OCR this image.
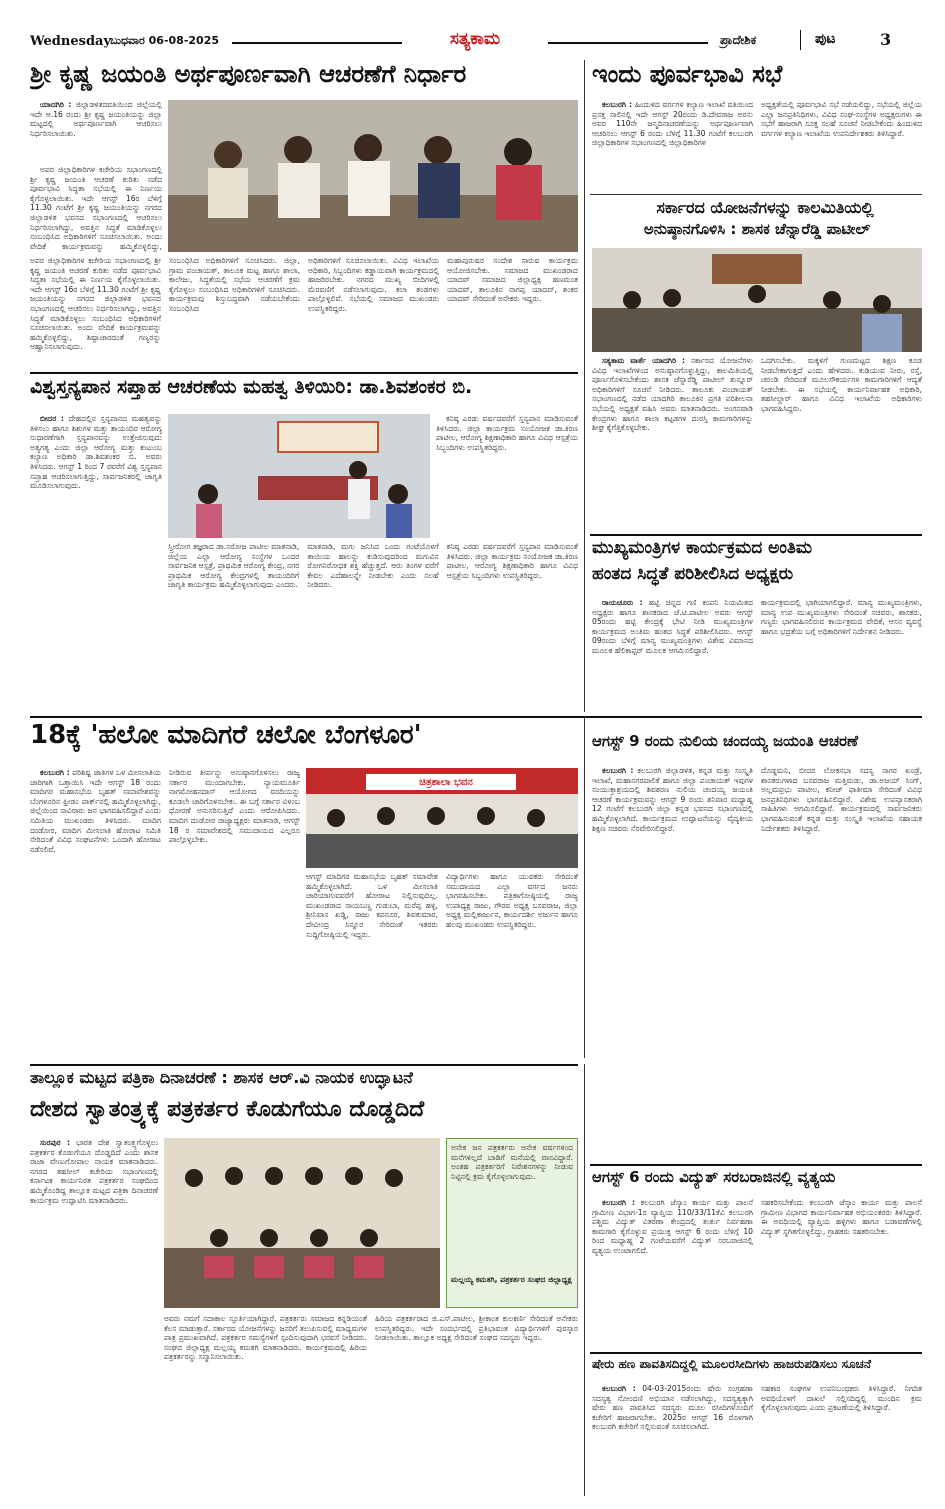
Wednesday
ಬುಧವಾರ 06-08-2025	ಸತ್ಯಕಾಮ	ಪ್ರಾದೇಶಿಕ	ಪುಟ	3
ಶ್ರೀ ಕೃಷ್ಣ ಜಯಂತಿ ಅರ್ಥಪೂರ್ಣವಾಗಿ ಆಚರಣೆಗೆ ನಿರ್ಧಾರ

ಯಾದಗಿರಿ : ಜಿಲ್ಲಾಡಳಿತದವತಿಯಿಂದ ಜಿಲ್ಲೆಯಲ್ಲಿ ಇದೇ ಆ.16 ರಂದು ಶ್ರೀ ಕೃಷ್ಣ ಜಯಂತಿಯನ್ನು ಜಿಲ್ಲಾ ಮಟ್ಟದಲ್ಲಿ ಅರ್ಥಪೂರ್ಣವಾಗಿ ಆಚರಿಸಲು ನಿರ್ಧರಿಸಲಾಯಿತು.

ಅಪರ ಜಿಲ್ಲಾಧಿಕಾರಿಗಳ ಕಚೇರಿಯ ಸಭಾಂಗಣದಲ್ಲಿ ಶ್ರೀ ಕೃಷ್ಣ ಜಯಂತಿ ಆಚರಣೆ ಕುರಿತು ನಡೆದ ಪೂರ್ವಭಾವಿ ಸಿದ್ಧತಾ ಸಭೆಯಲ್ಲಿ ಈ ನಿರ್ಣಯ ಕೈಗೊಳ್ಳಲಾಯಿತು. ಇದೇ ಆಗಸ್ಟ್ 16ರ ಬೆಳಿಗ್ಗೆ 11.30 ಗಂಟೆಗೆ ಶ್ರೀ ಕೃಷ್ಣ ಜಯಂತಿಯನ್ನು ನಗರದ ಜಿಲ್ಲಾಡಳಿತ ಭವನದ ಸಭಾಂಗಣದಲ್ಲಿ ಆಚರಿಸಲು ನಿರ್ಧರಿಸಲಾಗಿದ್ದು, ಅವತ್ತಿನ ಸಿದ್ಧತೆ ಮಾಡಿಕೊಳ್ಳಲು ಸಂಬಂಧಿಸಿದ ಅಧಿಕಾರಿಗಳಿಗೆ ಸೂಚಿಸಲಾಯಿತು. ಅಂದು ವೇದಿಕೆ ಕಾರ್ಯಕ್ರಮವನ್ನು ಹಮ್ಮಿಕೊಳ್ಳಲಿದ್ದು, ಶಿಷ್ಟಾಚಾರದಂತೆ ಗಣ್ಯರನ್ನು ಆಹ್ವಾನಿಸಲಾಗುವುದು.
ಸಂಬಂಧಿಸಿದ ಅಧಿಕಾರಿಗಳಿಗೆ ಸೂಚಿಸಿದರು. ಜಿಲ್ಲಾ, ಗ್ರಾಮ ಪಂಚಾಯತ್, ತಾಲೂಕ ಮಟ್ಟ ಹಾಗೂ ಶಾಲಾ, ಕಾಲೇಜು, ಸಿದ್ಧತೆಯಲ್ಲಿ ಸಭೆಯ ಆಚರಣೆಗೆ ಕ್ರಮ ಕೈಗೊಳ್ಳಲು ಸಂಬಂಧಿಸಿದ ಅಧಿಕಾರಿಗಳಿಗೆ ಸೂಚಿಸಿದರು. ಕಾರ್ಯಕ್ರಮವು ಶಿಸ್ತುಬದ್ಧವಾಗಿ ನಡೆಯಬೇಕೆಂದು ಸಂಬಂಧಿಸಿದ
ಅಧಿಕಾರಿಗಳಿಗೆ ಸೂಚಿಸಲಾಯಿತು. ವಿವಿಧ ಇಲಾಖೆಯ ಅಧಿಕಾರಿ, ಸಿಬ್ಬಂದಿಗಳು ಕಡ್ಡಾಯವಾಗಿ ಕಾರ್ಯಕ್ರಮದಲ್ಲಿ ಹಾಜರಿರಬೇಕು. ನಗರದ ಮುಖ್ಯ ಬೀದಿಗಳಲ್ಲಿ ಮೆರವಣಿಗೆ ನಡೆಸಲಾಗುವುದು. ಕಲಾ ತಂಡಗಳು ಪಾಲ್ಗೊಳ್ಳಲಿವೆ. ಸಭೆಯಲ್ಲಿ ಸಮಾಜದ ಮುಖಂಡರು ಉಪಸ್ಥಿತರಿದ್ದರು.
ಮಹಾಪುರುಷರ ಸಂದೇಶ ಸಾರುವ ಕಾರ್ಯಕ್ರಮ ಆಯೋಜಿಸಬೇಕು. ಸಮಾಜದ ಮುಖಂಡರಾದ ಯಾದವ್ ಸಮಾಜದ ಜಿಲ್ಲಾಧ್ಯಕ್ಷ ಹಣಮಂತ ಯಾದವ್, ತಾಲೂಕಿನ ನಾಗಪ್ಪ ಯಾದವ್, ಶಂಕರ ಯಾದವ್ ಸೇರಿದಂತೆ ಅನೇಕರು ಇದ್ದರು.

ಅಪರ ಜಿಲ್ಲಾಧಿಕಾರಿಗಳ ಕಚೇರಿಯ ಸಭಾಂಗಣದಲ್ಲಿ ಶ್ರೀ ಕೃಷ್ಣ ಜಯಂತಿ ಆಚರಣೆ ಕುರಿತು ನಡೆದ ಪೂರ್ವಭಾವಿ ಸಿದ್ಧತಾ ಸಭೆಯಲ್ಲಿ ಈ ನಿರ್ಣಯ ಕೈಗೊಳ್ಳಲಾಯಿತು. ಇದೇ ಆಗಸ್ಟ್ 16ರ ಬೆಳಿಗ್ಗೆ 11.30 ಗಂಟೆಗೆ ಶ್ರೀ ಕೃಷ್ಣ ಜಯಂತಿಯನ್ನು ನಗರದ ಜಿಲ್ಲಾಡಳಿತ ಭವನದ ಸಭಾಂಗಣದಲ್ಲಿ ಆಚರಿಸಲು ನಿರ್ಧರಿಸಲಾಗಿದ್ದು, ಅವತ್ತಿನ ಸಿದ್ಧತೆ ಮಾಡಿಕೊಳ್ಳಲು ಸಂಬಂಧಿಸಿದ ಅಧಿಕಾರಿಗಳಿಗೆ ಸೂಚಿಸಲಾಯಿತು. ಅಂದು ವೇದಿಕೆ ಕಾರ್ಯಕ್ರಮವನ್ನು ಹಮ್ಮಿಕೊಳ್ಳಲಿದ್ದು,

ಇಂದು ಪೂರ್ವಭಾವಿ ಸಭೆ

ಕಲಬುರಗಿ : ಹಿಂದುಳಿದ ವರ್ಗಗಳ ಕಲ್ಯಾಣ ಇಲಾಖೆ ವತಿಯಿಂದ ಪ್ರಸಕ್ತ ಸಾಲಿನಲ್ಲಿ ಇದೇ ಆಗಸ್ಟ್ 20ರಂದು ಡಿ.ದೇವರಾಜ ಅರಸು ಅವರ 110ನೇ ಜನ್ಮದಿನಾಚರಣೆಯನ್ನು ಅರ್ಥಪೂರ್ಣವಾಗಿ ಆಚರಿಸಲು ಆಗಸ್ಟ್ 6 ರಂದು ಬೆಳಿಗ್ಗೆ 11.30 ಗಂಟೆಗೆ ಕಲಬುರಗಿ ಜಿಲ್ಲಾಧಿಕಾರಿಗಳ ಸಭಾಂಗಣದಲ್ಲಿ ಜಿಲ್ಲಾಧಿಕಾರಿಗಳ

ಅಧ್ಯಕ್ಷತೆಯಲ್ಲಿ ಪೂರ್ವಭಾವಿ ಸಭೆ ನಡೆಯಲಿದ್ದು, ಸಭೆಯಲ್ಲಿ ಜಿಲ್ಲೆಯ ಎಲ್ಲಾ ಜನಪ್ರತಿನಿಧಿಗಳು, ವಿವಿಧ ಸಂಘ-ಸಂಸ್ಥೆಗಳ ಅಧ್ಯಕ್ಷರುಗಳು ಈ ಸಭೆಗೆ ಹಾಜರಾಗಿ ಸೂಕ್ತ ಸಲಹೆ ಸೂಚನೆ ನೀಡಬೇಕೆಂದು ಹಿಂದುಳಿದ ವರ್ಗಗಳ ಕಲ್ಯಾಣ ಇಲಾಖೆಯ ಉಪನಿರ್ದೇಶಕರು ತಿಳಿಸಿದ್ದಾರೆ.
ಸರ್ಕಾರದ ಯೋಜನೆಗಳನ್ನು ಕಾಲಮಿತಿಯಲ್ಲಿ
ಅನುಷ್ಠಾನಗೊಳಿಸಿ : ಶಾಸಕ ಚೆನ್ನಾರೆಡ್ಡಿ ಪಾಟೀಲ್

ಸತ್ಯಕಾಮ ವಾರ್ತೆ ಯಾದಗಿರಿ : ಸರ್ಕಾರದ ಯೋಜನೆಗಳು ವಿವಿಧ ಇಲಾಖೆಗಳಿಂದ ಅನುಷ್ಠಾನಗೊಳ್ಳುತ್ತಿದ್ದು, ಕಾಲಮಿತಿಯಲ್ಲಿ ಪೂರ್ಣಗೊಳಿಸಬೇಕೆಂದು ಶಾಸಕ ಚೆನ್ನಾರೆಡ್ಡಿ ಪಾಟೀಲ್ ತುನ್ನೂರ್ ಅಧಿಕಾರಿಗಳಿಗೆ ಸೂಚನೆ ನೀಡಿದರು. ತಾಲೂಕು ಪಂಚಾಯತ್ ಸಭಾಂಗಣದಲ್ಲಿ ನಡೆದ ಯಾದಗಿರಿ ತಾಲೂಕಿನ ಪ್ರಗತಿ ಪರಿಶೀಲನಾ ಸಭೆಯಲ್ಲಿ ಅಧ್ಯಕ್ಷತೆ ವಹಿಸಿ ಅವರು ಮಾತನಾಡಿದರು. ಅಂಗನವಾಡಿ ಕೇಂದ್ರಗಳು ಹಾಗೂ ಶಾಲಾ ಕಟ್ಟಡಗಳ ದುರಸ್ತಿ ಕಾಮಗಾರಿಗಳನ್ನು ಶೀಘ್ರ ಕೈಗೆತ್ತಿಕೊಳ್ಳಬೇಕು.

ಒದಗಿಸಬೇಕು. ಮಕ್ಕಳಿಗೆ ಗುಣಮಟ್ಟದ ಶಿಕ್ಷಣ ಕೂಡ ನೀಡಬೇಕಾಗುತ್ತದೆ ಎಂದು ಹೇಳಿದರು. ಕುಡಿಯುವ ನೀರು, ರಸ್ತೆ, ಚರಂಡಿ ಸೇರಿದಂತೆ ಮೂಲಸೌಕರ್ಯಗಳ ಕಾಮಗಾರಿಗಳಿಗೆ ಆದ್ಯತೆ ನೀಡಬೇಕು. ಈ ಸಭೆಯಲ್ಲಿ ಕಾರ್ಯನಿರ್ವಾಹಕ ಅಧಿಕಾರಿ, ತಹಸೀಲ್ದಾರ್ ಹಾಗೂ ವಿವಿಧ ಇಲಾಖೆಯ ಅಧಿಕಾರಿಗಳು ಭಾಗವಹಿಸಿದ್ದರು.
ವಿಶ್ವಸ್ತನ್ಯಪಾನ ಸಪ್ತಾಹ ಆಚರಣೆಯ ಮಹತ್ವ ತಿಳಿಯಿರಿ: ಡಾ.ಶಿವಶಂಕರ ಬಿ.

ಬೀದರ : ದೇಹದಲ್ಲಿನ ಸ್ತನ್ಯಪಾನದ ಮಹತ್ವವನ್ನು ತಿಳಿಸಲು ಹಾಗೂ ಶಿಶುಗಳ ಮತ್ತು ತಾಯಂದಿರ ಆರೋಗ್ಯ ಸುಧಾರಣೆಗಾಗಿ ಸ್ತನ್ಯಪಾನವನ್ನು ಉತ್ತೇಜಿಸುವುದು ಅತ್ಯಗತ್ಯ ಎಂದು ಜಿಲ್ಲಾ ಆರೋಗ್ಯ ಮತ್ತು ಕುಟುಂಬ ಕಲ್ಯಾಣ ಅಧಿಕಾರಿ ಡಾ.ಶಿವಶಂಕರ ಬಿ. ಅವರು ತಿಳಿಸಿದರು. ಆಗಸ್ಟ್ 1 ರಿಂದ 7 ರವರೆಗೆ ವಿಶ್ವ ಸ್ತನ್ಯಪಾನ ಸಪ್ತಾಹ ಆಚರಿಸಲಾಗುತ್ತಿದ್ದು, ಸಾರ್ವಜನಿಕರಲ್ಲಿ ಜಾಗೃತಿ ಮೂಡಿಸಲಾಗುವುದು.

ಸ್ತ್ರೀರೋಗ ತಜ್ಞರಾದ ಡಾ.ಸರೋಜ ಪಾಟೀಲ ಮಾತನಾಡಿ, ಜಿಲ್ಲೆಯ ಎಲ್ಲಾ ಆರೋಗ್ಯ ಸಂಸ್ಥೆಗಳ ಒಂದರ ಸಾರ್ವಜನಿಕ ಆಸ್ಪತ್ರೆ, ಪ್ರಾಥಮಿಕ ಆರೋಗ್ಯ ಕೇಂದ್ರ, ನಗರ ಪ್ರಾಥಮಿಕ ಆರೋಗ್ಯ ಕೇಂದ್ರಗಳಲ್ಲಿ ತಾಯಂದಿರಿಗೆ ಜಾಗೃತಿ ಕಾರ್ಯಕ್ರಮ ಹಮ್ಮಿಕೊಳ್ಳಲಾಗುವುದು ಎಂದರು.
ಮಾತನಾಡಿ, ಮಗು ಜನಿಸಿದ ಒಂದು ಗಂಟೆಯೊಳಗೆ ತಾಯಿಯ ಹಾಲನ್ನು ಕುಡಿಸುವುದರಿಂದ ಮಗುವಿನ ರೋಗನಿರೋಧಕ ಶಕ್ತಿ ಹೆಚ್ಚುತ್ತದೆ. ಆರು ತಿಂಗಳ ವರೆಗೆ ಕೇವಲ ಎದೆಹಾಲನ್ನೇ ನೀಡಬೇಕು ಎಂದು ಸಲಹೆ ನೀಡಿದರು.
ಕನಿಷ್ಠ ಎರಡು ವರ್ಷದವರೆಗೆ ಸ್ತನ್ಯಪಾನ ಮಾಡಿಸುವಂತೆ ತಿಳಿಸಿದರು. ಜಿಲ್ಲಾ ಕಾರ್ಯಕ್ರಮ ಸಂಯೋಜಕ ಡಾ.ಕಿರಣ ಪಾಟೀಲ, ಆರೋಗ್ಯ ಶಿಕ್ಷಣಾಧಿಕಾರಿ ಹಾಗೂ ವಿವಿಧ ಆಸ್ಪತ್ರೆಯ ಸಿಬ್ಬಂದಿಗಳು ಉಪಸ್ಥಿತರಿದ್ದರು.

ಕನಿಷ್ಠ ಎರಡು ವರ್ಷದವರೆಗೆ ಸ್ತನ್ಯಪಾನ ಮಾಡಿಸುವಂತೆ ತಿಳಿಸಿದರು. ಜಿಲ್ಲಾ ಕಾರ್ಯಕ್ರಮ ಸಂಯೋಜಕ ಡಾ.ಕಿರಣ ಪಾಟೀಲ, ಆರೋಗ್ಯ ಶಿಕ್ಷಣಾಧಿಕಾರಿ ಹಾಗೂ ವಿವಿಧ ಆಸ್ಪತ್ರೆಯ ಸಿಬ್ಬಂದಿಗಳು ಉಪಸ್ಥಿತರಿದ್ದರು.

ಮುಖ್ಯಮಂತ್ರಿಗಳ ಕಾರ್ಯಕ್ರಮದ ಅಂತಿಮ
ಹಂತದ ಸಿದ್ಧತೆ ಪರಿಶೀಲಿಸಿದ ಅಧ್ಯಕ್ಷರು

ರಾಯಚೂರು : ಹಟ್ಟಿ ಚಿನ್ನದ ಗಣಿ ಕಂಪನಿ ನಿಯಮಿತದ ಅಧ್ಯಕ್ಷರು ಹಾಗೂ ಶಾಸಕರಾದ ಜೆ.ಟಿ.ಪಾಟೀಲ ಅವರು ಆಗಸ್ಟ್ 05ರಂದು ಹಟ್ಟಿ ಕೇಂದ್ರಕ್ಕೆ ಭೇಟಿ ನೀಡಿ ಮುಖ್ಯಮಂತ್ರಿಗಳ ಕಾರ್ಯಕ್ರಮದ ಅಂತಿಮ ಹಂತದ ಸಿದ್ಧತೆ ಪರಿಶೀಲಿಸಿದರು. ಆಗಸ್ಟ್ 09ರಂದು ಬೆಳಿಗ್ಗೆ ಮಾನ್ಯ ಮುಖ್ಯಮಂತ್ರಿಗಳು ವಿಶೇಷ ವಿಮಾನದ ಮೂಲಕ ಹೆಲಿಕಾಪ್ಟರ್ ಮೂಲಕ ಆಗಮಿಸಲಿದ್ದಾರೆ.

ಕಾರ್ಯಕ್ರಮದಲ್ಲಿ ಭಾಗಿಯಾಗಲಿದ್ದಾರೆ. ಮಾನ್ಯ ಮುಖ್ಯಮಂತ್ರಿಗಳು, ಮಾನ್ಯ ಉಪ ಮುಖ್ಯಮಂತ್ರಿಗಳು ಸೇರಿದಂತೆ ಸಚಿವರು, ಶಾಸಕರು, ಗಣ್ಯರು ಭಾಗವಹಿಸಲಿರುವ ಕಾರ್ಯಕ್ರಮದ ವೇದಿಕೆ, ಆಸನ ವ್ಯವಸ್ಥೆ ಹಾಗೂ ಭದ್ರತೆಯ ಬಗ್ಗೆ ಅಧಿಕಾರಿಗಳಿಗೆ ನಿರ್ದೇಶನ ನೀಡಿದರು.
18ಕ್ಕೆ 'ಹಲೋ ಮಾದಿಗರೆ ಚಲೋ ಬೆಂಗಳೂರ'

ಕಲಬುರಗಿ : ಪರಿಶಿಷ್ಟ ಜಾತಿಗಳ ಒಳ ಮೀಸಲಾತಿಯ ಜಾರಿಗಾಗಿ ಒತ್ತಾಯಿಸಿ ಇದೇ ಆಗಸ್ಟ್ 18 ರಂದು ಮಾದಿಗರ ಮಹಾಸಭೆಯ ಬೃಹತ್ ಸಮಾವೇಶವನ್ನು ಬೆಂಗಳೂರಿನ ಫ್ರೀಡಂ ಪಾರ್ಕ್‌ನಲ್ಲಿ ಹಮ್ಮಿಕೊಳ್ಳಲಾಗಿದ್ದು, ಜಿಲ್ಲೆಯಿಂದ ಸಾವಿರಾರು ಜನ ಭಾಗವಹಿಸಲಿದ್ದಾರೆ ಎಂದು ಸಮಿತಿಯ ಮುಖಂಡರು ತಿಳಿಸಿದರು. ಮಾದಿಗ ದಂಡೋರ, ಮಾದಿಗ ಮೀಸಲಾತಿ ಹೋರಾಟ ಸಮಿತಿ ಸೇರಿದಂತೆ ವಿವಿಧ ಸಂಘಟನೆಗಳು ಒಂದಾಗಿ ಹೋರಾಟ ನಡೆಸಲಿವೆ.

ನೀಡಿರುವ ತೀರ್ಪನ್ನು ಅನುಷ್ಠಾನಗೊಳಿಸಲು ರಾಜ್ಯ ಸರ್ಕಾರ ಮುಂದಾಗಬೇಕು. ನ್ಯಾಯಮೂರ್ತಿ ನಾಗಮೋಹನದಾಸ್ ಆಯೋಗದ ವರದಿಯನ್ನು ಕೂಡಲೇ ಜಾರಿಗೊಳಿಸಬೇಕು. ಈ ಬಗ್ಗೆ ಸರ್ಕಾರ ವಿಳಂಬ ಧೋರಣೆ ಅನುಸರಿಸುತ್ತಿದೆ ಎಂದು ಆರೋಪಿಸಿದರು. ಮಾದಿಗ ದಂಡೋರ ರಾಜ್ಯಾಧ್ಯಕ್ಷರು ಮಾತನಾಡಿ, ಆಗಸ್ಟ್ 18 ರ ಸಮಾವೇಶದಲ್ಲಿ ಸಮುದಾಯದ ಎಲ್ಲರೂ ಪಾಲ್ಗೊಳ್ಳಬೇಕು.
ಚಿತ್ರಶಾಲಾ ಭವನ
ಆಗಸ್ಟ್ ಮಾದಿಗರ ಮಹಾಸಭೆಯ ಬೃಹತ್ ಸಮಾವೇಶ ಹಮ್ಮಿಕೊಳ್ಳಲಾಗಿದೆ. ಒಳ ಮೀಸಲಾತಿ ಜಾರಿಯಾಗುವವರೆಗೆ ಹೋರಾಟ ನಿಲ್ಲಿಸುವುದಿಲ್ಲ. ಮುಖಂಡರಾದ ಸಾಯಬಣ್ಣ ಗುಡುಬಾ, ಮರೆಪ್ಪ ಹಳ್ಳಿ, ಶ್ರೀನಿವಾಸ ಖಡ್ಡಿ, ರಾಜು ಕಪನೂರ, ಶಿವಕುಮಾರ, ದೇವೀಂದ್ರ ಸಿನ್ನೂರ ಸೇರಿದಂತೆ ಇತರರು ಸುದ್ದಿಗೋಷ್ಠಿಯಲ್ಲಿ ಇದ್ದರು.
ವಿದ್ಯಾರ್ಥಿಗಳು ಹಾಗೂ ಯುವಕರು ಸೇರಿದಂತೆ ಸಮುದಾಯದ ಎಲ್ಲಾ ವರ್ಗದ ಜನರು ಭಾಗವಹಿಸಬೇಕು. ಪತ್ರಿಕಾಗೋಷ್ಠಿಯಲ್ಲಿ ರಾಜ್ಯ ಉಪಾಧ್ಯಕ್ಷ ರಾಜು, ಗೌರವ ಅಧ್ಯಕ್ಷ ಬಸವರಾಜ, ಜಿಲ್ಲಾ ಅಧ್ಯಕ್ಷ ಮಲ್ಲಿಕಾರ್ಜುನ, ಕಾರ್ಯದರ್ಶಿ ಅರ್ಜುನ ಹಾಗೂ ಹಲವು ಮುಖಂಡರು ಉಪಸ್ಥಿತರಿದ್ದರು.
ಆಗಸ್ಟ್ 9 ರಂದು ನುಲಿಯ ಚಂದಯ್ಯ ಜಯಂತಿ ಆಚರಣೆ

ಕಲಬುರಗಿ : ಕಲಬುರಗಿ ಜಿಲ್ಲಾಡಳಿತ, ಕನ್ನಡ ಮತ್ತು ಸಂಸ್ಕೃತಿ ಇಲಾಖೆ, ಮಹಾನಗರಪಾಲಿಕೆ ಹಾಗೂ ಜಿಲ್ಲಾ ಪಂಚಾಯತ್ ಇವುಗಳ ಸಂಯುಕ್ತಾಶ್ರಯದಲ್ಲಿ ಶಿವಶರಣ ನುಲಿಯ ಚಂದಯ್ಯ ಜಯಂತಿ ಆಚರಣೆ ಕಾರ್ಯಕ್ರಮವನ್ನು ಆಗಸ್ಟ್ 9 ರಂದು ಶನಿವಾರ ಮಧ್ಯಾಹ್ನ 12 ಗಂಟೆಗೆ ಕಲಬುರಗಿ ಜಿಲ್ಲಾ ಕನ್ನಡ ಭವನದ ಸಭಾಂಗಣದಲ್ಲಿ ಹಮ್ಮಿಕೊಳ್ಳಲಾಗಿದೆ. ಕಾರ್ಯಕ್ರಮದ ಉದ್ಘಾಟನೆಯನ್ನು ವೈದ್ಯಕೀಯ ಶಿಕ್ಷಣ ಸಚಿವರು ನೆರವೇರಿಸಲಿದ್ದಾರೆ.

ದೊಡ್ಡಮನಿ, ಬೀದರ ಲೋಕಸಭಾ ಸದಸ್ಯ ಸಾಗರ ಖಂಡ್ರೆ, ಶಾಸಕರುಗಳಾದ ಬಸವರಾಜ ಮತ್ತಿಮಡು, ಡಾ.ಅಜಯ್ ಸಿಂಗ್, ಅಲ್ಲಮಪ್ರಭು ಪಾಟೀಲ, ಕನೀಜ್ ಫಾತೀಮಾ ಸೇರಿದಂತೆ ವಿವಿಧ ಜನಪ್ರತಿನಿಧಿಗಳು ಭಾಗವಹಿಸಲಿದ್ದಾರೆ. ವಿಶೇಷ ಉಪನ್ಯಾಸಕರಾಗಿ ಸಾಹಿತಿಗಳು ಆಗಮಿಸಲಿದ್ದಾರೆ. ಕಾರ್ಯಕ್ರಮದಲ್ಲಿ ಸಾರ್ವಜನಿಕರು ಭಾಗವಹಿಸುವಂತೆ ಕನ್ನಡ ಮತ್ತು ಸಂಸ್ಕೃತಿ ಇಲಾಖೆಯ ಸಹಾಯಕ ನಿರ್ದೇಶಕರು ತಿಳಿಸಿದ್ದಾರೆ.
ತಾಲ್ಲೂಕ ಮಟ್ಟದ ಪತ್ರಿಕಾ ದಿನಾಚರಣೆ : ಶಾಸಕ ಆರ್.ವಿ ನಾಯಕ ಉದ್ಘಾಟನೆ
ದೇಶದ ಸ್ವಾತಂತ್ರ್ಯಕ್ಕೆ ಪತ್ರಕರ್ತರ ಕೊಡುಗೆಯೂ ದೊಡ್ಡದಿದೆ

ಸುರಪುರ : ಭಾರತ ದೇಶ ಸ್ವಾತಂತ್ರ್ಯಗೊಳ್ಳಲು ಪತ್ರಕರ್ತರ ಕೊಡುಗೆಯೂ ದೊಡ್ಡದಿದೆ ಎಂದು ಶಾಸಕ ರಾಜಾ ವೇಣುಗೋಪಾಲ ನಾಯಕ ಮಾತನಾಡಿದರು. ನಗರದ ತಹಸೀಲ್ ಕಚೇರಿಯ ಸಭಾಂಗಣದಲ್ಲಿ ಕರ್ನಾಟಕ ಕಾರ್ಯನಿರತ ಪತ್ರಕರ್ತರ ಸಂಘದಿಂದ ಹಮ್ಮಿಕೊಂಡಿದ್ದ ತಾಲ್ಲೂಕ ಮಟ್ಟದ ಪತ್ರಿಕಾ ದಿನಾಚರಣೆ ಕಾರ್ಯಕ್ರಮ ಉದ್ಘಾಟಿಸಿ ಮಾತನಾಡಿದರು.

ಅನೇಕ ಜನ ಪತ್ರಕರ್ತರು ಅನೇಕ ವರ್ಷಗಳಿಂದ ಮನೆಗಳಿಲ್ಲದೆ ಬಾಡಿಗೆ ಮನೆಯಲ್ಲಿ ವಾಸವಿದ್ದಾರೆ. ಅಂತಹ ಪತ್ರಕರ್ತರಿಗೆ ನಿವೇಶನಗಳನ್ನು ನೀಡುವ ನಿಟ್ಟಿನಲ್ಲಿ ಕ್ರಮ ಕೈಗೊಳ್ಳಲಾಗುವುದು.
ಮಲ್ಲಯ್ಯ ಕಮತಗಿ, ಪತ್ರಕರ್ತರ ಸಂಘದ ಜಿಲ್ಲಾಧ್ಯಕ್ಷ
ಅವರು ನಮಗೆ ಸದಾಕಾಲ ಸ್ಫೂರ್ತಿಯಾಗಿದ್ದಾರೆ. ಪತ್ರಕರ್ತರು ಸಮಾಜದ ಕನ್ನಡಿಯಂತೆ ಕೆಲಸ ಮಾಡುತ್ತಾರೆ. ಸರ್ಕಾರದ ಯೋಜನೆಗಳನ್ನು ಜನರಿಗೆ ತಲುಪಿಸುವಲ್ಲಿ ಮಾಧ್ಯಮಗಳ ಪಾತ್ರ ಪ್ರಮುಖವಾಗಿದೆ. ಪತ್ರಕರ್ತರ ಸಮಸ್ಯೆಗಳಿಗೆ ಸ್ಪಂದಿಸುವುದಾಗಿ ಭರವಸೆ ನೀಡಿದರು. ಸಂಘದ ಜಿಲ್ಲಾಧ್ಯಕ್ಷ ಮಲ್ಲಯ್ಯ ಕಮತಗಿ ಮಾತನಾಡಿದರು. ಕಾರ್ಯಕ್ರಮದಲ್ಲಿ ಹಿರಿಯ ಪತ್ರಕರ್ತರನ್ನು ಸನ್ಮಾನಿಸಲಾಯಿತು.
ಹಿರಿಯ ಪತ್ರಕರ್ತರಾದ ಜಿ.ಎಸ್.ಪಾಟೀಲ, ಶ್ರೀಕಾಂತ ಕುಲಕರ್ಣಿ ಸೇರಿದಂತೆ ಅನೇಕರು ಉಪಸ್ಥಿತರಿದ್ದರು. ಇದೇ ಸಂದರ್ಭದಲ್ಲಿ ಪ್ರತಿಭಾವಂತ ವಿದ್ಯಾರ್ಥಿಗಳಿಗೆ ಪುರಸ್ಕಾರ ನೀಡಲಾಯಿತು. ತಾಲ್ಲೂಕ ಅಧ್ಯಕ್ಷ ಸೇರಿದಂತೆ ಸಂಘದ ಸದಸ್ಯರು ಇದ್ದರು.
ಆಗಸ್ಟ್ 6 ರಂದು ವಿದ್ಯುತ್ ಸರಬರಾಜಿನಲ್ಲಿ ವ್ಯತ್ಯಯ

ಕಲಬುರಗಿ : ಕಲಬುರಗಿ ಜೆಸ್ಕಾಂ ಕಾರ್ಯ ಮತ್ತು ಪಾಲನೆ ಗ್ರಾಮೀಣ ವಿಭಾಗ-1ರ ವ್ಯಾಪ್ತಿಯ 110/33/11ಕೆವಿ ಕಲಬುರಗಿ ಪಶ್ಚಿಮ ವಿದ್ಯುತ್ ವಿತರಣಾ ಕೇಂದ್ರದಲ್ಲಿ ತುರ್ತು ನಿರ್ವಹಣಾ ಕಾಮಗಾರಿ ಕೈಗೊಳ್ಳುವ ಪ್ರಯುಕ್ತ ಆಗಸ್ಟ್ 6 ರಂದು ಬೆಳಿಗ್ಗೆ 10 ರಿಂದ ಮಧ್ಯಾಹ್ನ 2 ಗಂಟೆಯವರೆಗೆ ವಿದ್ಯುತ್ ಸರಬರಾಜಿನಲ್ಲಿ ವ್ಯತ್ಯಯ ಉಂಟಾಗಲಿದೆ.

ಸಹಕರಿಸಬೇಕೆಂದು ಕಲಬುರಗಿ ಜೆಸ್ಕಾಂ ಕಾರ್ಯ ಮತ್ತು ಪಾಲನೆ ಗ್ರಾಮೀಣ ವಿಭಾಗದ ಕಾರ್ಯನಿರ್ವಾಹಕ ಅಭಿಯಂತರರು ತಿಳಿಸಿದ್ದಾರೆ. ಈ ಅವಧಿಯಲ್ಲಿ ವ್ಯಾಪ್ತಿಯ ಹಳ್ಳಿಗಳು ಹಾಗೂ ಬಡಾವಣೆಗಳಲ್ಲಿ ವಿದ್ಯುತ್ ಸ್ಥಗಿತಗೊಳ್ಳಲಿದ್ದು, ಗ್ರಾಹಕರು ಸಹಕರಿಸಬೇಕು.
ಷೇರು ಹಣ ಪಾವತಿಸದಿದ್ದಲ್ಲಿ ಮೂಲರಸೀದಿಗಳು ಹಾಜರುಪಡಿಸಲು ಸೂಚನೆ

ಕಲಬುರಗಿ : 04-03-2015ರಂದು ಷೇರು ಸಂಗ್ರಹಣಾ ಸದಸ್ಯತ್ವ ನೋಂದಣಿ ಅಭಿಯಾನ ನಡೆಸಲಾಗಿದ್ದು, ಸದಸ್ಯತ್ವಕ್ಕಾಗಿ ಷೇರು ಹಣ ಪಾವತಿಸಿದ ಸದಸ್ಯರು ಮೂಲ ರಸೀದಿಗಳೊಂದಿಗೆ ಕಚೇರಿಗೆ ಹಾಜರಾಗಬೇಕು. 2025ರ ಆಗಸ್ಟ್ 16 ರೊಳಗಾಗಿ ಕಲಬುರಗಿ ಕಚೇರಿಗೆ ಸಲ್ಲಿಸುವಂತೆ ಸೂಚಿಸಲಾಗಿದೆ.

ಸಹಕಾರ ಸಂಘಗಳ ಉಪನಿಬಂಧಕರು ತಿಳಿಸಿದ್ದಾರೆ. ನಿಗದಿತ ಅವಧಿಯೊಳಗೆ ದಾಖಲೆ ಸಲ್ಲಿಸದಿದ್ದಲ್ಲಿ ಮುಂದಿನ ಕ್ರಮ ಕೈಗೊಳ್ಳಲಾಗುವುದು ಎಂದು ಪ್ರಕಟಣೆಯಲ್ಲಿ ತಿಳಿಸಿದ್ದಾರೆ.
